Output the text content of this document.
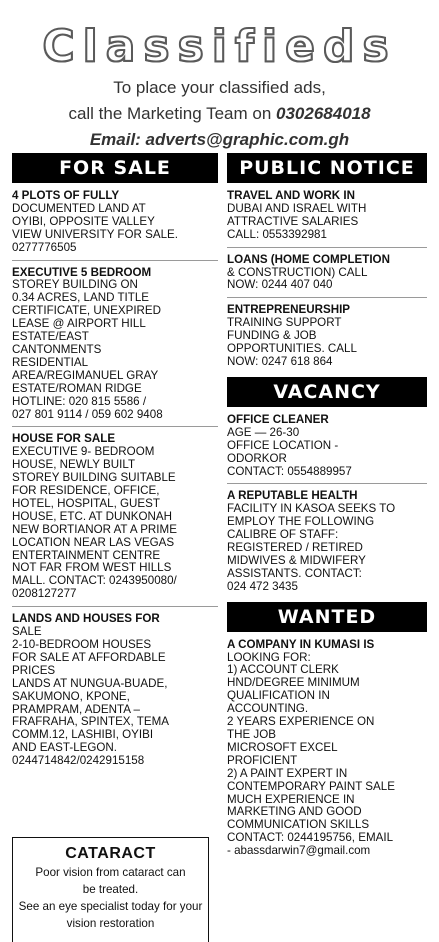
Classifieds
To place your classified ads,
call the Marketing Team on 0302684018
Email: adverts@graphic.com.gh
FOR SALE
4 PLOTS OF FULLY
DOCUMENTED LAND AT
OYIBI, OPPOSITE VALLEY
VIEW UNIVERSITY FOR SALE.
0277776505
EXECUTIVE 5 BEDROOM
STOREY BUILDING ON
0.34 ACRES, LAND TITLE
CERTIFICATE, UNEXPIRED
LEASE @ AIRPORT HILL
ESTATE/EAST
CANTONMENTS
RESIDENTIAL
AREA/REGIMANUEL GRAY
ESTATE/ROMAN RIDGE
HOTLINE: 020 815 5586 /
027 801 9114 / 059 602 9408
HOUSE FOR SALE
EXECUTIVE 9- BEDROOM
HOUSE, NEWLY BUILT
STOREY BUILDING SUITABLE
FOR RESIDENCE, OFFICE,
HOTEL, HOSPITAL, GUEST
HOUSE, ETC. AT DUNKONAH
NEW BORTIANOR AT A PRIME
LOCATION NEAR LAS VEGAS
ENTERTAINMENT CENTRE
NOT FAR FROM WEST HILLS
MALL. CONTACT: 0243950080/
0208127277
LANDS AND HOUSES FOR
SALE
2-10-BEDROOM HOUSES
FOR SALE AT AFFORDABLE
PRICES
LANDS AT NUNGUA-BUADE,
SAKUMONO, KPONE,
PRAMPRAM, ADENTA –
FRAFRAHA, SPINTEX, TEMA
COMM.12, LASHIBI, OYIBI
AND EAST-LEGON.
0244714842/0242915158
CATARACT
Poor vision from cataract can
be treated.
See an eye specialist today for your
vision restoration
PUBLIC NOTICE
TRAVEL AND WORK IN
DUBAI AND ISRAEL WITH
ATTRACTIVE SALARIES
CALL: 0553392981
LOANS (HOME COMPLETION
& CONSTRUCTION) CALL
NOW: 0244 407 040
ENTREPRENEURSHIP
TRAINING SUPPORT
FUNDING & JOB
OPPORTUNITIES. CALL
NOW: 0247 618 864
VACANCY
OFFICE CLEANER
AGE — 26-30
OFFICE LOCATION -
ODORKOR
CONTACT: 0554889957
A REPUTABLE HEALTH
FACILITY IN KASOA SEEKS TO
EMPLOY THE FOLLOWING
CALIBRE OF STAFF:
REGISTERED / RETIRED
MIDWIVES & MIDWIFERY
ASSISTANTS. CONTACT:
024 472 3435
WANTED
A COMPANY IN KUMASI IS
LOOKING FOR:
1) ACCOUNT CLERK
HND/DEGREE MINIMUM
QUALIFICATION IN
ACCOUNTING.
2 YEARS EXPERIENCE ON
THE JOB
MICROSOFT EXCEL
PROFICIENT
2) A PAINT EXPERT IN
CONTEMPORARY PAINT SALE
MUCH EXPERIENCE IN
MARKETING AND GOOD
COMMUNICATION SKILLS
CONTACT: 0244195756, EMAIL
- abassdarwin7@gmail.com
